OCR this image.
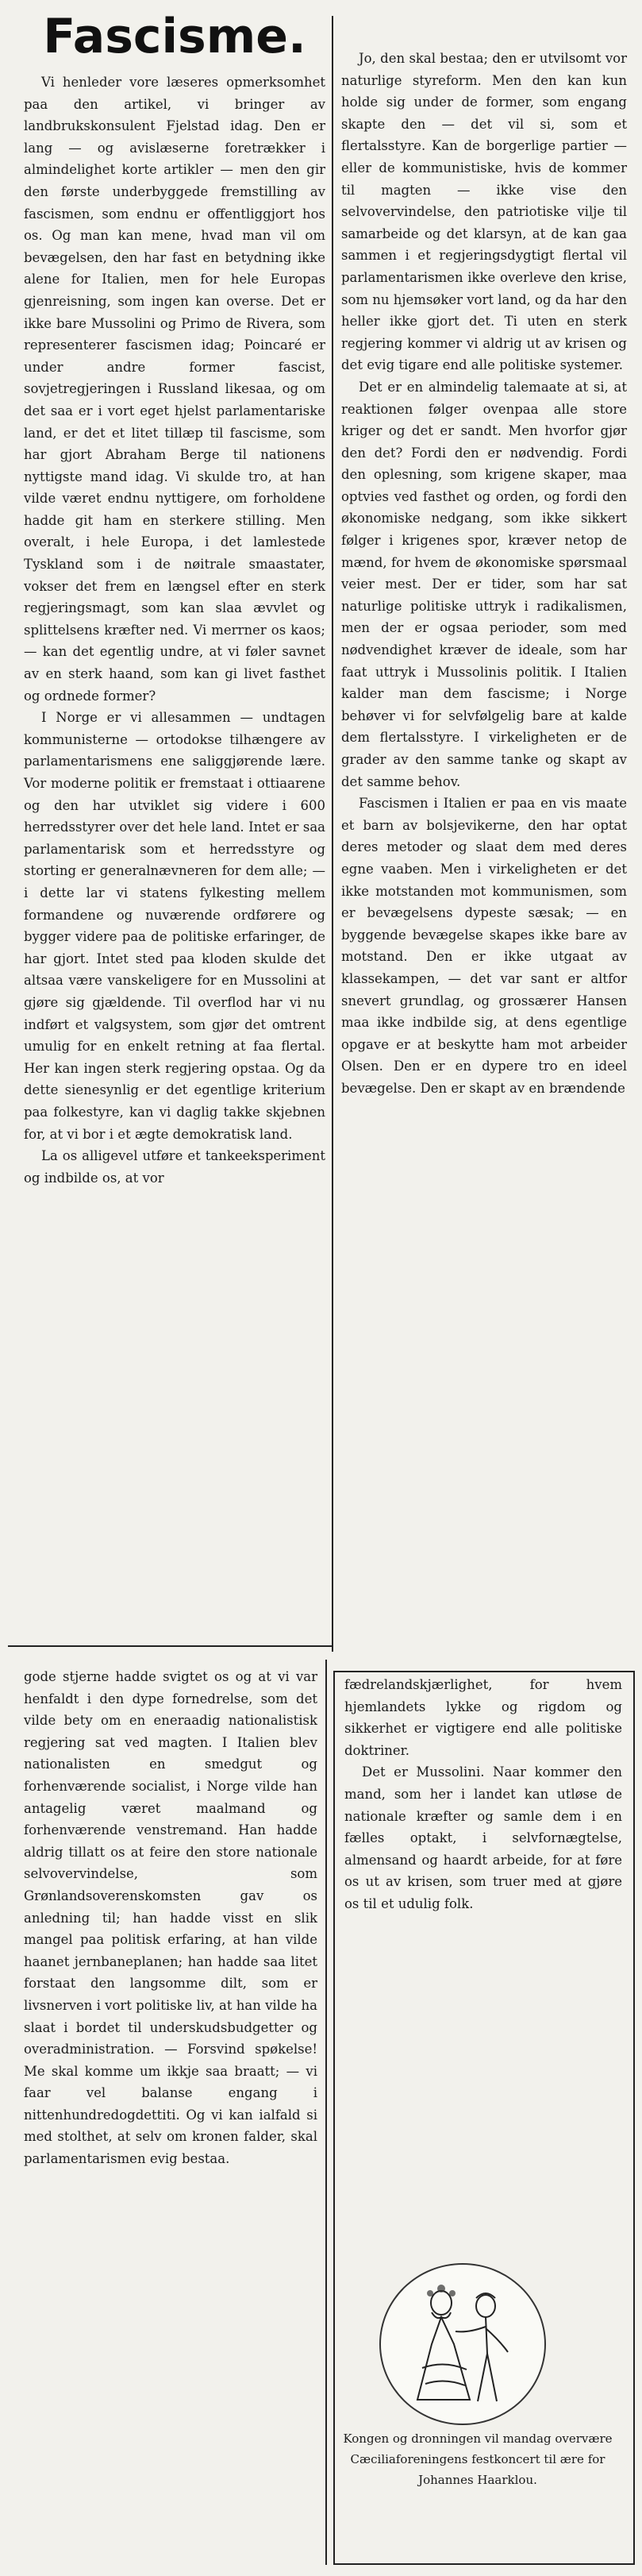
Fascisme.

Vi henleder vore læseres opmerksomhet paa den artikel, vi bringer av landbrukskonsulent Fjelstad idag. Den er lang — og avislæserne foretrækker i almindelighet korte artikler — men den gir den første underbyggede fremstilling av fascismen, som endnu er offentliggjort hos os. Og man kan mene, hvad man vil om bevægelsen, den har fast en betydning ikke alene for Italien, men for hele Europas gjenreisning, som ingen kan overse. Det er ikke bare Mussolini og Primo de Rivera, som representerer fascismen idag; Poincaré er under andre former fascist, sovjetregjeringen i Russland likesaa, og om det saa er i vort eget hjelst parlamentariske land, er det et litet tillæp til fascisme, som har gjort Abraham Berge til nationens nyttigste mand idag. Vi skulde tro, at han vilde været endnu nyttigere, om forholdene hadde git ham en sterkere stilling. Men overalt, i hele Europa, i det lamlestede Tyskland som i de nøitrale smaastater, vokser det frem en længsel efter en sterk regjeringsmagt, som kan slaa ævvlet og splittelsens kræfter ned. Vi merrner os kaos; — kan det egentlig undre, at vi føler savnet av en sterk haand, som kan gi livet fasthet og ordnede former?

I Norge er vi allesammen — undtagen kommunisterne — ortodokse tilhængere av parlamentarismens ene saliggjørende lære. Vor moderne politik er fremstaat i ottiaarene og den har utviklet sig videre i 600 herredsstyrer over det hele land. Intet er saa parlamentarisk som et herredsstyre og storting er generalnævneren for dem alle; — i dette lar vi statens fylkesting mellem formandene og nuværende ordførere og bygger videre paa de politiske erfaringer, de har gjort. Intet sted paa kloden skulde det altsaa være vanskeligere for en Mussolini at gjøre sig gjældende. Til overflod har vi nu indført et valgsystem, som gjør det omtrent umulig for en enkelt retning at faa flertal. Her kan ingen sterk regjering opstaa. Og da dette sienesynlig er det egentlige kriterium paa folkestyre, kan vi daglig takke skjebnen for, at vi bor i et ægte demokratisk land.

La os alligevel utføre et tankeeksperiment og indbilde os, at vor

Jo, den skal bestaa; den er utvilsomt vor naturlige styreform. Men den kan kun holde sig under de former, som engang skapte den — det vil si, som et flertalsstyre. Kan de borgerlige partier — eller de kommunistiske, hvis de kommer til magten — ikke vise den selvovervindelse, den patriotiske vilje til samarbeide og det klarsyn, at de kan gaa sammen i et regjeringsdygtigt flertal vil parlamentarismen ikke overleve den krise, som nu hjemsøker vort land, og da har den heller ikke gjort det. Ti uten en sterk regjering kommer vi aldrig ut av krisen og det evig tigare end alle politiske systemer.

Det er en almindelig talemaate at si, at reaktionen følger ovenpaa alle store kriger og det er sandt. Men hvorfor gjør den det? Fordi den er nødvendig. Fordi den oplesning, som krigene skaper, maa optvies ved fasthet og orden, og fordi den økonomiske nedgang, som ikke sikkert følger i krigenes spor, kræver netop de mænd, for hvem de økonomiske spørsmaal veier mest. Der er tider, som har sat naturlige politiske uttryk i radikalismen, men der er ogsaa perioder, som med nødvendighet kræver de ideale, som har faat uttryk i Mussolinis politik. I Italien kalder man dem fascisme; i Norge behøver vi for selvfølgelig bare at kalde dem flertalsstyre. I virkeligheten er de grader av den samme tanke og skapt av det samme behov.

Fascismen i Italien er paa en vis maate et barn av bolsjevikerne, den har optat deres metoder og slaat dem med deres egne vaaben. Men i virkeligheten er det ikke motstanden mot kommunismen, som er bevægelsens dypeste sæsak; — en byggende bevægelse skapes ikke bare av motstand. Den er ikke utgaat av klassekampen, — det var sant er altfor snevert grundlag, og grossærer Hansen maa ikke indbilde sig, at dens egentlige opgave er at beskytte ham mot arbeider Olsen. Den er en dypere tro en ideel bevægelse. Den er skapt av en brændende

gode stjerne hadde svigtet os og at vi var henfaldt i den dype fornedrelse, som det vilde bety om en eneraadig nationalistisk regjering sat ved magten. I Italien blev nationalisten en smedgut og forhenværende socialist, i Norge vilde han antagelig været maalmand og forhenværende venstremand. Han hadde aldrig tillatt os at feire den store nationale selvovervindelse, som Grønlandsoverenskomsten gav os anledning til; han hadde visst en slik mangel paa politisk erfaring, at han vilde haanet jernbaneplanen; han hadde saa litet forstaat den langsomme dilt, som er livsnerven i vort politiske liv, at han vilde ha slaat i bordet til underskudsbudgetter og overadministration. — Forsvind spøkelse! Me skal komme um ikkje saa braatt; — vi faar vel balanse engang i nittenhundredogdettiti. Og vi kan ialfald si med stolthet, at selv om kronen falder, skal parlamentarismen evig bestaa.

fædrelandskjærlighet, for hvem hjemlandets lykke og rigdom og sikkerhet er vigtigere end alle politiske doktriner.

Det er Mussolini. Naar kommer den mand, som her i landet kan utløse de nationale kræfter og samle dem i en fælles optakt, i selvfornægtelse, almensand og haardt arbeide, for at føre os ut av krisen, som truer med at gjøre os til et udulig folk.

Kongen og dronningen vil mandag overvære Cæciliaforeningens festkoncert til ære for Johannes Haarklou.
